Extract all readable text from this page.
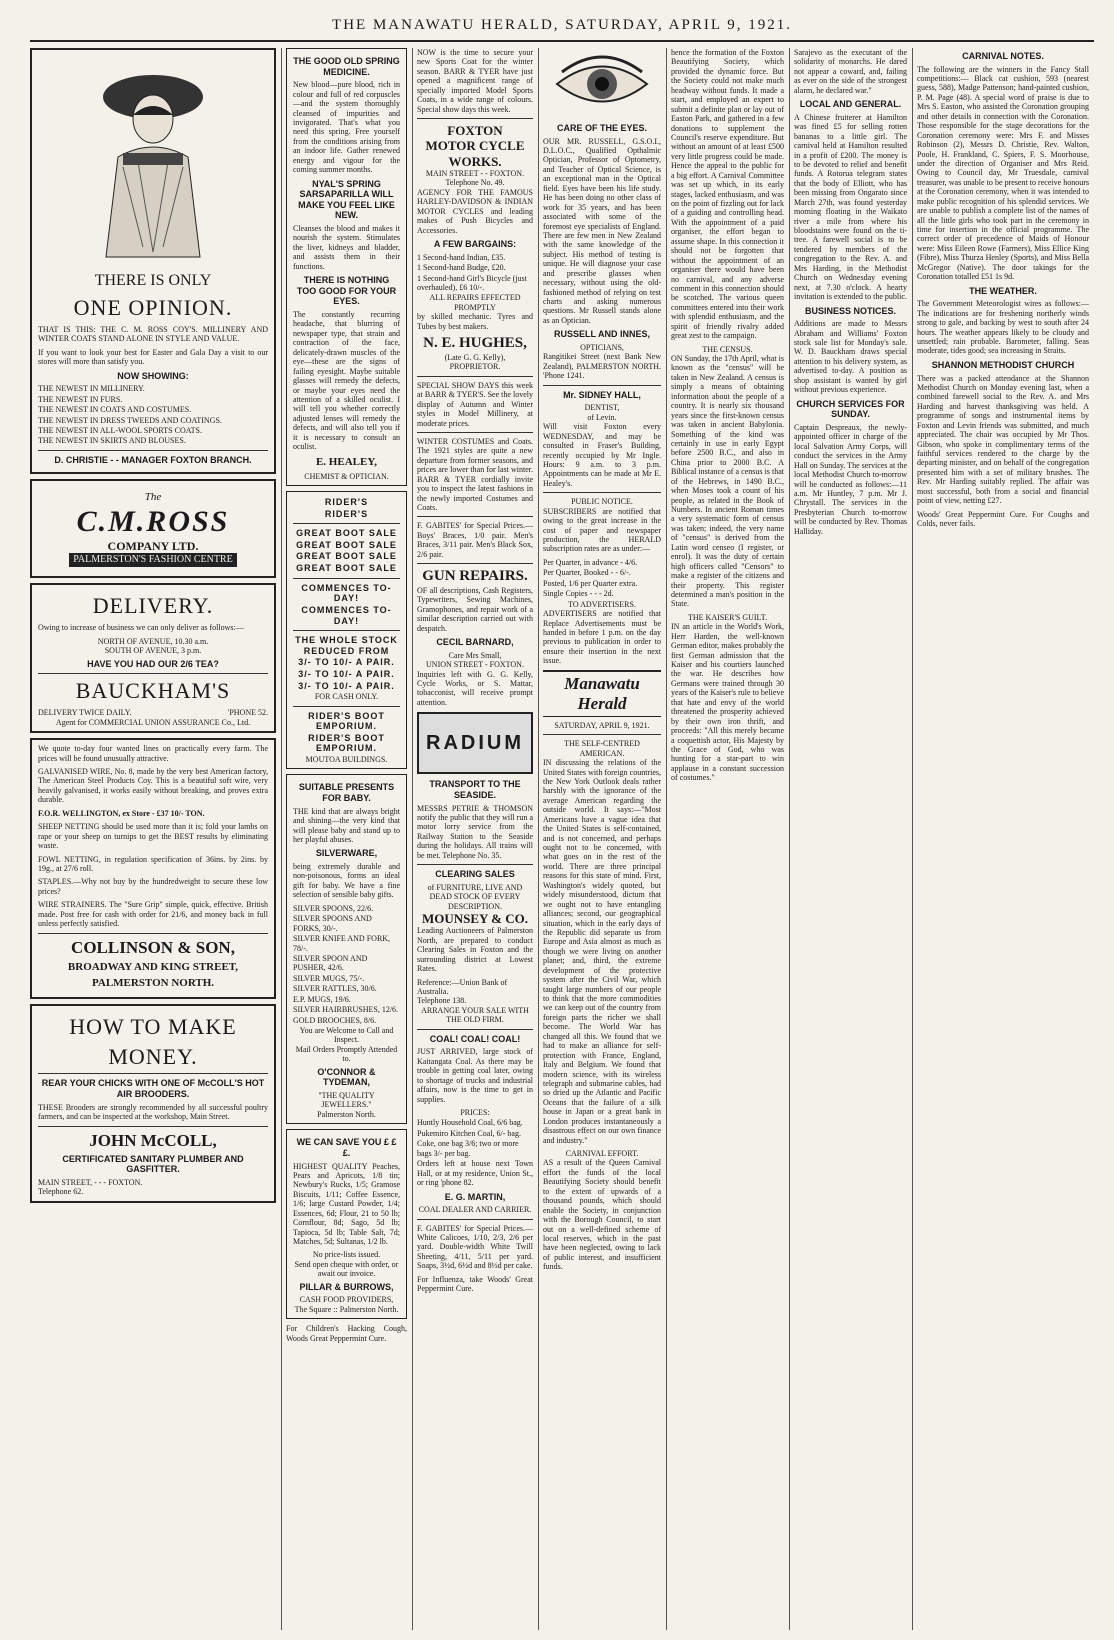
THE MANAWATU HERALD, SATURDAY, APRIL 9, 1921.
THERE IS ONLY
ONE OPINION.

THAT IS THIS: THE C. M. ROSS COY'S. MILLINERY AND WINTER COATS STAND ALONE IN STYLE AND VALUE.

If you want to look your best for Easter and Gala Day a visit to our stores will more than satisfy you.

NOW SHOWING:
THE NEWEST IN MILLINERY.
THE NEWEST IN FURS.
THE NEWEST IN COATS AND COSTUMES.
THE NEWEST IN DRESS TWEEDS AND COATINGS.
THE NEWEST IN ALL-WOOL SPORTS COATS.
THE NEWEST IN SKIRTS AND BLOUSES.
D. CHRISTIE - - MANAGER FOXTON BRANCH.
The
C.M.ROSS
COMPANY LTD.
PALMERSTON'S FASHION CENTRE
DELIVERY.

Owing to increase of business we can only deliver as follows:—

NORTH OF AVENUE, 10.30 a.m.
SOUTH OF AVENUE, 3 p.m.
HAVE YOU HAD OUR 2/6 TEA?
BAUCKHAM'S
DELIVERY TWICE DAILY.	'PHONE 52.
Agent for COMMERCIAL UNION ASSURANCE Co., Ltd.

We quote to-day four wanted lines on practically every farm. The prices will be found unusually attractive.

GALVANISED WIRE, No. 8, made by the very best American factory, The American Steel Products Coy. This is a beautiful soft wire, very heavily galvanised, it works easily without breaking, and proves extra durable.

F.O.R. WELLINGTON, ex Store - £37 10/- TON.

SHEEP NETTING should be used more than it is; fold your lambs on rape or your sheep on turnips to get the BEST results by eliminating waste.

FOWL NETTING, in regulation specification of 36ins. by 2ins. by 19g., at 27/6 roll.

STAPLES.—Why not buy by the hundredweight to secure these low prices?

WIRE STRAINERS. The "Sure Grip" simple, quick, effective. British made. Post free for cash with order for 21/6, and money back in full unless perfectly satisfied.

COLLINSON & SON,
BROADWAY AND KING STREET,
PALMERSTON NORTH.
HOW TO MAKE
MONEY.
REAR YOUR CHICKS WITH ONE OF McCOLL'S HOT AIR BROODERS.

THESE Brooders are strongly recommended by all successful poultry farmers, and can be inspected at the workshop, Main Street.

JOHN McCOLL,
CERTIFICATED SANITARY PLUMBER AND GASFITTER.
MAIN STREET, - - - FOXTON.
Telephone 62.
THE GOOD OLD SPRING MEDICINE.

New blood—pure blood, rich in colour and full of red corpuscles—and the system thoroughly cleansed of impurities and invigorated. That's what you need this spring. Free yourself from the conditions arising from an indoor life. Gather renewed energy and vigour for the coming summer months.

NYAL'S SPRING SARSAPARILLA WILL MAKE YOU FEEL LIKE NEW.

Cleanses the blood and makes it nourish the system. Stimulates the liver, kidneys and bladder, and assists them in their functions.

THERE IS NOTHING TOO GOOD FOR YOUR EYES.

The constantly recurring headache, that blurring of newspaper type, that strain and contraction of the face, delicately-drawn muscles of the eye—these are the signs of failing eyesight. Maybe suitable glasses will remedy the defects, or maybe your eyes need the attention of a skilled oculist. I will tell you whether correctly adjusted lenses will remedy the defects, and will also tell you if it is necessary to consult an oculist.

E. HEALEY,
CHEMIST & OPTICIAN.
RIDER'S
RIDER'S
GREAT BOOT SALE
GREAT BOOT SALE
GREAT BOOT SALE
GREAT BOOT SALE
COMMENCES TO-DAY!
COMMENCES TO-DAY!
THE WHOLE STOCK REDUCED FROM
3/- TO 10/- A PAIR.
3/- TO 10/- A PAIR.
3/- TO 10/- A PAIR.
FOR CASH ONLY.
RIDER'S BOOT EMPORIUM.
RIDER'S BOOT EMPORIUM.
MOUTOA BUILDINGS.
SUITABLE PRESENTS FOR BABY.

THE kind that are always bright and shining—the very kind that will please baby and stand up to her playful abuses.

SILVERWARE,

being extremely durable and non-poisonous, forms an ideal gift for baby. We have a fine selection of sensible baby gifts.

SILVER SPOONS, 22/6.
SILVER SPOONS AND FORKS, 30/-.
SILVER KNIFE AND FORK, 78/-.
SILVER SPOON AND PUSHER, 42/6.
SILVER MUGS, 75/-.
SILVER RATTLES, 30/6.
E.P. MUGS, 19/6.
SILVER HAIRBRUSHES, 12/6.
GOLD BROOCHES, 8/6.
You are Welcome to Call and Inspect.
Mail Orders Promptly Attended to.
O'CONNOR & TYDEMAN,
"THE QUALITY JEWELLERS."
Palmerston North.
WE CAN SAVE YOU £ £ £.

HIGHEST QUALITY Peaches, Pears and Apricots, 1/8 tin; Newbury's Rucks, 1/5; Gramose Biscuits, 1/11; Coffee Essence, 1/6; large Custard Powder, 1/4; Essences, 6d; Flour, 21 to 50 lb; Cornflour, 8d; Sago, 5d lb; Tapioca, 5d lb; Table Salt, 7d; Matches, 5d; Sultanas, 1/2 lb.

No price-lists issued.
Send open cheque with order, or await our invoice.
PILLAR & BURROWS,
CASH FOOD PROVIDERS,
The Square :: Palmerston North.

For Children's Hacking Cough, Woods Great Peppermint Cure.

NOW is the time to secure your new Sports Coat for the winter season. BARR & TYER have just opened a magnificent range of specially imported Model Sports Coats, in a wide range of colours. Special show days this week.

FOXTON
MOTOR CYCLE WORKS.
MAIN STREET - - FOXTON. Telephone No. 49.

AGENCY FOR THE FAMOUS HARLEY-DAVIDSON & INDIAN MOTOR CYCLES and leading makes of Push Bicycles and Accessories.

A FEW BARGAINS:
1 Second-hand Indian, £35.
1 Second-hand Budge, £20.
1 Second-hand Girl's Bicycle (just overhauled), £6 10/-.
ALL REPAIRS EFFECTED PROMPTLY

by skilled mechanic. Tyres and Tubes by best makers.

N. E. HUGHES,
(Late G. G. Kelly),
PROPRIETOR.

SPECIAL SHOW DAYS this week at BARR & TYER'S. See the lovely display of Autumn and Winter styles in Model Millinery, at moderate prices.

WINTER COSTUMES and Coats. The 1921 styles are quite a new departure from former seasons, and prices are lower than for last winter. BARR & TYER cordially invite you to inspect the latest fashions in the newly imported Costumes and Coats.

F. GABITES' for Special Prices.—Boys' Braces, 1/0 pair. Men's Braces, 3/11 pair. Men's Black Sox, 2/6 pair.

GUN REPAIRS.

OF all descriptions, Cash Registers, Typewriters, Sewing Machines, Gramophones, and repair work of a similar description carried out with despatch.

CECIL BARNARD,
Care Mrs Small,
UNION STREET - FOXTON.

Inquiries left with G. G. Kelly, Cycle Works, or S. Mattar, tobacconist, will receive prompt attention.

RADIUM
TRANSPORT TO THE SEASIDE.

MESSRS PETRIE & THOMSON notify the public that they will run a motor lorry service from the Railway Station to the Seaside during the holidays. All trains will be met. Telephone No. 35.

CLEARING SALES
of FURNITURE, LIVE AND DEAD STOCK OF EVERY DESCRIPTION.
MOUNSEY & CO.

Leading Auctioneers of Palmerston North, are prepared to conduct Clearing Sales in Foxton and the surrounding district at Lowest Rates.

Reference:—Union Bank of Australia.
Telephone 138.
ARRANGE YOUR SALE WITH THE OLD FIRM.
COAL! COAL! COAL!

JUST ARRIVED, large stock of Kaitangata Coal. As there may be trouble in getting coal later, owing to shortage of trucks and industrial affairs, now is the time to get in supplies.

PRICES:
Huntly Household Coal, 6/6 bag.
Pukemiro Kitchen Coal, 6/- bag.
Coke, one bag 3/6; two or more bags 3/- per bag.

Orders left at house next Town Hall, or at my residence, Union St., or ring 'phone 82.

E. G. MARTIN,
COAL DEALER AND CARRIER.

F. GABITES' for Special Prices.—White Calicoes, 1/10, 2/3, 2/6 per yard. Double-width White Twill Sheeting, 4/11, 5/11 per yard. Soaps, 3½d, 6½d and 8½d per cake.

For Influenza, take Woods' Great Peppermint Cure.

CARE OF THE EYES.

OUR MR. RUSSELL, G.S.O.I., D.L.O.C., Qualified Opthalmic Optician, Professor of Optometry, and Teacher of Optical Science, is an exceptional man in the Optical field. Eyes have been his life study. He has been doing no other class of work for 35 years, and has been associated with some of the foremost eye specialists of England. There are few men in New Zealand with the same knowledge of the subject. His method of testing is unique. He will diagnose your case and prescribe glasses when necessary, without using the old-fashioned method of relying on test charts and asking numerous questions. Mr Russell stands alone as an Optician.

RUSSELL AND INNES,
OPTICIANS,

Rangitikei Street (next Bank New Zealand), PALMERSTON NORTH. 'Phone 1241.

Mr. SIDNEY HALL,
DENTIST,
of Levin.

Will visit Foxton every WEDNESDAY, and may be consulted in Fraser's Building, recently occupied by Mr Ingle. Hours: 9 a.m. to 3 p.m. Appointments can be made at Mr E. Healey's.

PUBLIC NOTICE.

SUBSCRIBERS are notified that owing to the great increase in the cost of paper and newspaper production, the HERALD subscription rates are as under:—

Per Quarter, in advance - 4/6.
Per Quarter, Booked - - 6/-.
Posted, 1/6 per Quarter extra.
Single Copies - - - 2d.
TO ADVERTISERS.

ADVERTISERS are notified that Replace Advertisements must be handed in before 1 p.m. on the day previous to publication in order to ensure their insertion in the next issue.

Manawatu Herald
SATURDAY, APRIL 9, 1921.
THE SELF-CENTRED AMERICAN.

IN discussing the relations of the United States with foreign countries, the New York Outlook deals rather harshly with the ignorance of the average American regarding the outside world. It says:—"Most Americans have a vague idea that the United States is self-contained, and is not concerned, and perhaps ought not to be concerned, with what goes on in the rest of the world. There are three principal reasons for this state of mind. First, Washington's widely quoted, but widely misunderstood, dictum that we ought not to have entangling alliances; second, our geographical situation, which in the early days of the Republic did separate us from Europe and Asia almost as much as though we were living on another planet; and, third, the extreme development of the protective system after the Civil War, which taught large numbers of our people to think that the more commodities we can keep out of the country from foreign parts the richer we shall become. The World War has changed all this. We found that we had to make an alliance for self-protection with France, England, Italy and Belgium. We found that modern science, with its wireless telegraph and submarine cables, had so dried up the Atlantic and Pacific Oceans that the failure of a silk house in Japan or a great bank in London produces instantaneously a disastrous effect on our own finance and industry."

CARNIVAL EFFORT.

AS a result of the Queen Carnival effort the funds of the local Beautifying Society should benefit to the extent of upwards of a thousand pounds, which should enable the Society, in conjunction with the Borough Council, to start out on a well-defined scheme of local reserves, which in the past have been neglected, owing to lack of public interest, and insufficient funds.

hence the formation of the Foxton Beautifying Society, which provided the dynamic force. But the Society could not make much headway without funds. It made a start, and employed an expert to submit a definite plan or lay out of Easton Park, and gathered in a few donations to supplement the Council's reserve expenditure. But without an amount of at least £500 very little progress could be made. Hence the appeal to the public for a big effort. A Carnival Committee was set up which, in its early stages, lacked enthusiasm, and was on the point of fizzling out for lack of a guiding and controlling head. With the appointment of a paid organiser, the effort began to assume shape. In this connection it should not be forgotten that without the appointment of an organiser there would have been no carnival, and any adverse comment in this connection should be scotched. The various queen committees entered into their work with splendid enthusiasm, and the spirit of friendly rivalry added great zest to the campaign.

THE CENSUS.

ON Sunday, the 17th April, what is known as the "census" will be taken in New Zealand. A census is simply a means of obtaining information about the people of a country. It is nearly six thousand years since the first-known census was taken in ancient Babylonia. Something of the kind was certainly in use in early Egypt before 2500 B.C., and also in China prior to 2000 B.C. A Biblical instance of a census is that of the Hebrews, in 1490 B.C., when Moses took a count of his people, as related in the Book of Numbers. In ancient Roman times a very systematic form of census was taken; indeed, the very name of "census" is derived from the Latin word censeo (I register, or enrol). It was the duty of certain high officers called "Censors" to make a register of the citizens and their property. This register determined a man's position in the State.

THE KAISER'S GUILT.

IN an article in the World's Work, Herr Harden, the well-known German editor, makes probably the first German admission that the Kaiser and his courtiers launched the war. He describes how Germans were trained through 30 years of the Kaiser's rule to believe that hate and envy of the world threatened the prosperity achieved by their own iron thrift, and proceeds: "All this merely became a coquettish actor, His Majesty by the Grace of God, who was hunting for a star-part to win applause in a constant succession of costumes."

Sarajevo as the executant of the solidarity of monarchs. He dared not appear a coward, and, failing as ever on the side of the strongest alarm, he declared war."

LOCAL AND GENERAL.

A Chinese fruiterer at Hamilton was fined £5 for selling rotten bananas to a little girl. The carnival held at Hamilton resulted in a profit of £200. The money is to be devoted to relief and benefit funds. A Rotorua telegram states that the body of Elliott, who has been missing from Ongarato since March 27th, was found yesterday morning floating in the Waikato river a mile from where his bloodstains were found on the ti-tree. A farewell social is to be tendered by members of the congregation to the Rev. A. and Mrs Harding, in the Methodist Church on Wednesday evening next, at 7.30 o'clock. A hearty invitation is extended to the public.

BUSINESS NOTICES.

Additions are made to Messrs Abraham and Williams' Foxton stock sale list for Monday's sale. W. D. Bauckham draws special attention to his delivery system, as advertised to-day. A position as shop assistant is wanted by girl without previous experience.

CHURCH SERVICES FOR SUNDAY.

Captain Despreaux, the newly-appointed officer in charge of the local Salvation Army Corps, will conduct the services in the Army Hall on Sunday. The services at the local Methodist Church to-morrow will be conducted as follows:—11 a.m. Mr Huntley, 7 p.m. Mr J. Chrystall. The services in the Presbyterian Church to-morrow will be conducted by Rev. Thomas Halliday.

CARNIVAL NOTES.

The following are the winners in the Fancy Stall competitions:— Black cat cushion, 593 (nearest guess, 588), Madge Pattenson; hand-painted cushion, P. M. Page (48). A special word of praise is due to Mrs S. Easton, who assisted the Coronation grouping and other details in connection with the Coronation. Those responsible for the stage decorations for the Coronation ceremony were: Mrs F. and Misses Robinson (2), Messrs D. Christie, Rev. Walton, Poole, H. Frankland, C. Spiers, F. S. Moorhouse, under the direction of Organiser and Mrs Reid. Owing to Council day, Mr Truesdale, carnival treasurer, was unable to be present to receive honours at the Coronation ceremony, when it was intended to make public recognition of his splendid services. We are unable to publish a complete list of the names of all the little girls who took part in the ceremony in time for insertion in the official programme. The correct order of precedence of Maids of Honour were: Miss Eileen Rowe (Farmers), Miss Ellice King (Fibre), Miss Thurza Henley (Sports), and Miss Bella McGregor (Native). The door takings for the Coronation totalled £51 1s 9d.

THE WEATHER.

The Government Meteorologist wires as follows:— The indications are for freshening northerly winds strong to gale, and backing by west to south after 24 hours. The weather appears likely to be cloudy and unsettled; rain probable. Barometer, falling. Seas moderate, tides good; sea increasing in Straits.

SHANNON METHODIST CHURCH

There was a packed attendance at the Shannon Methodist Church on Monday evening last, when a combined farewell social to the Rev. A. and Mrs Harding and harvest thanksgiving was held. A programme of songs and instrumental items by Foxton and Levin friends was submitted, and much appreciated. The chair was occupied by Mr Thos. Gibson, who spoke in complimentary terms of the faithful services rendered to the charge by the departing minister, and on behalf of the congregation presented him with a set of military brushes. The Rev. Mr Harding suitably replied. The affair was most successful, both from a social and financial point of view, netting £27.

Woods' Great Peppermint Cure. For Coughs and Colds, never fails.
